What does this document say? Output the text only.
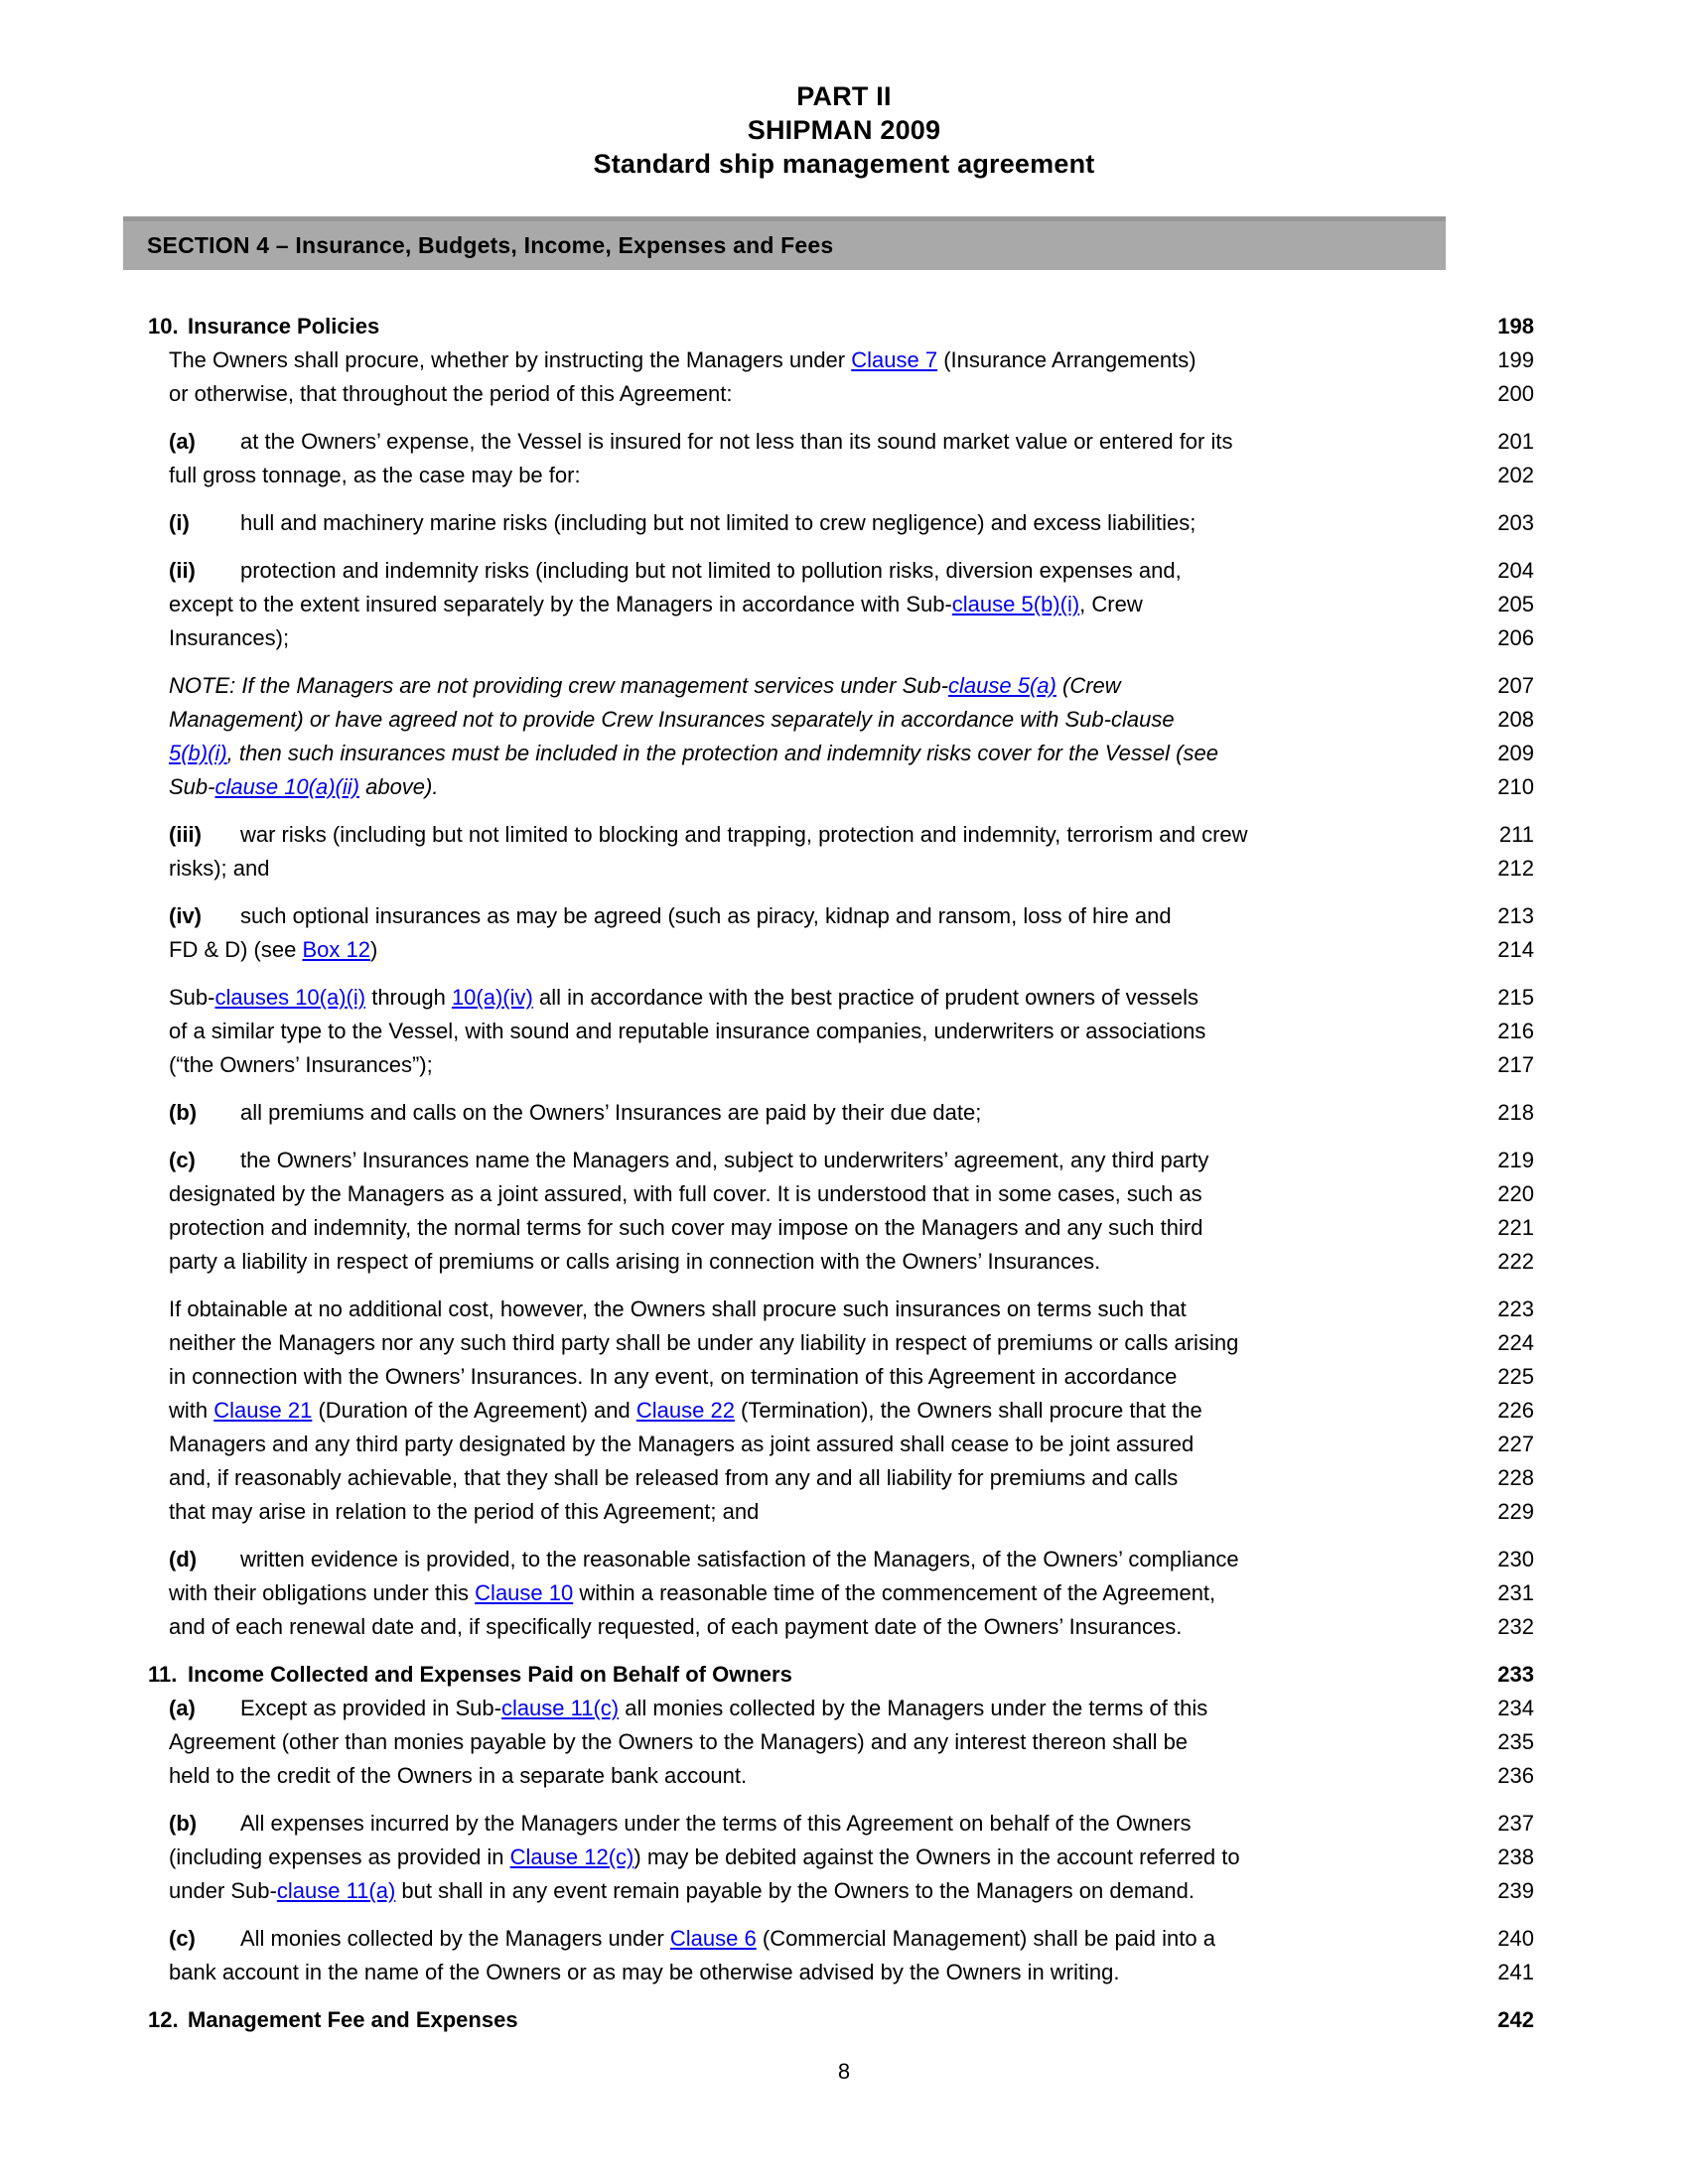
PART II
SHIPMAN 2009
Standard ship management agreement
SECTION 4 – Insurance, Budgets, Income, Expenses and Fees
10. Insurance Policies	198
The Owners shall procure, whether by instructing the Managers under Clause 7 (Insurance Arrangements)	199
or otherwise, that throughout the period of this Agreement:	200
(a) at the Owners’ expense, the Vessel is insured for not less than its sound market value or entered for its	201
full gross tonnage, as the case may be for:	202
(i) hull and machinery marine risks (including but not limited to crew negligence) and excess liabilities;	203
(ii) protection and indemnity risks (including but not limited to pollution risks, diversion expenses and,	204
except to the extent insured separately by the Managers in accordance with Sub-clause 5(b)(i), Crew	205
Insurances);	206
NOTE: If the Managers are not providing crew management services under Sub-clause 5(a) (Crew	207
Management) or have agreed not to provide Crew Insurances separately in accordance with Sub-clause	208
5(b)(i), then such insurances must be included in the protection and indemnity risks cover for the Vessel (see	209
Sub-clause 10(a)(ii) above).	210
(iii) war risks (including but not limited to blocking and trapping, protection and indemnity, terrorism and crew	211
risks); and	212
(iv) such optional insurances as may be agreed (such as piracy, kidnap and ransom, loss of hire and	213
FD & D) (see Box 12)	214
Sub-clauses 10(a)(i) through 10(a)(iv) all in accordance with the best practice of prudent owners of vessels	215
of a similar type to the Vessel, with sound and reputable insurance companies, underwriters or associations	216
(“the Owners’ Insurances”);	217
(b) all premiums and calls on the Owners’ Insurances are paid by their due date;	218
(c) the Owners’ Insurances name the Managers and, subject to underwriters’ agreement, any third party	219
designated by the Managers as a joint assured, with full cover. It is understood that in some cases, such as	220
protection and indemnity, the normal terms for such cover may impose on the Managers and any such third	221
party a liability in respect of premiums or calls arising in connection with the Owners’ Insurances.	222
If obtainable at no additional cost, however, the Owners shall procure such insurances on terms such that	223
neither the Managers nor any such third party shall be under any liability in respect of premiums or calls arising	224
in connection with the Owners’ Insurances. In any event, on termination of this Agreement in accordance	225
with Clause 21 (Duration of the Agreement) and Clause 22 (Termination), the Owners shall procure that the	226
Managers and any third party designated by the Managers as joint assured shall cease to be joint assured	227
and, if reasonably achievable, that they shall be released from any and all liability for premiums and calls	228
that may arise in relation to the period of this Agreement; and	229
(d) written evidence is provided, to the reasonable satisfaction of the Managers, of the Owners’ compliance	230
with their obligations under this Clause 10 within a reasonable time of the commencement of the Agreement,	231
and of each renewal date and, if specifically requested, of each payment date of the Owners’ Insurances.	232
11. Income Collected and Expenses Paid on Behalf of Owners	233
(a) Except as provided in Sub-clause 11(c) all monies collected by the Managers under the terms of this	234
Agreement (other than monies payable by the Owners to the Managers) and any interest thereon shall be	235
held to the credit of the Owners in a separate bank account.	236
(b) All expenses incurred by the Managers under the terms of this Agreement on behalf of the Owners	237
(including expenses as provided in Clause 12(c)) may be debited against the Owners in the account referred to	238
under Sub-clause 11(a) but shall in any event remain payable by the Owners to the Managers on demand.	239
(c) All monies collected by the Managers under Clause 6 (Commercial Management) shall be paid into a	240
bank account in the name of the Owners or as may be otherwise advised by the Owners in writing.	241
12. Management Fee and Expenses	242
8
